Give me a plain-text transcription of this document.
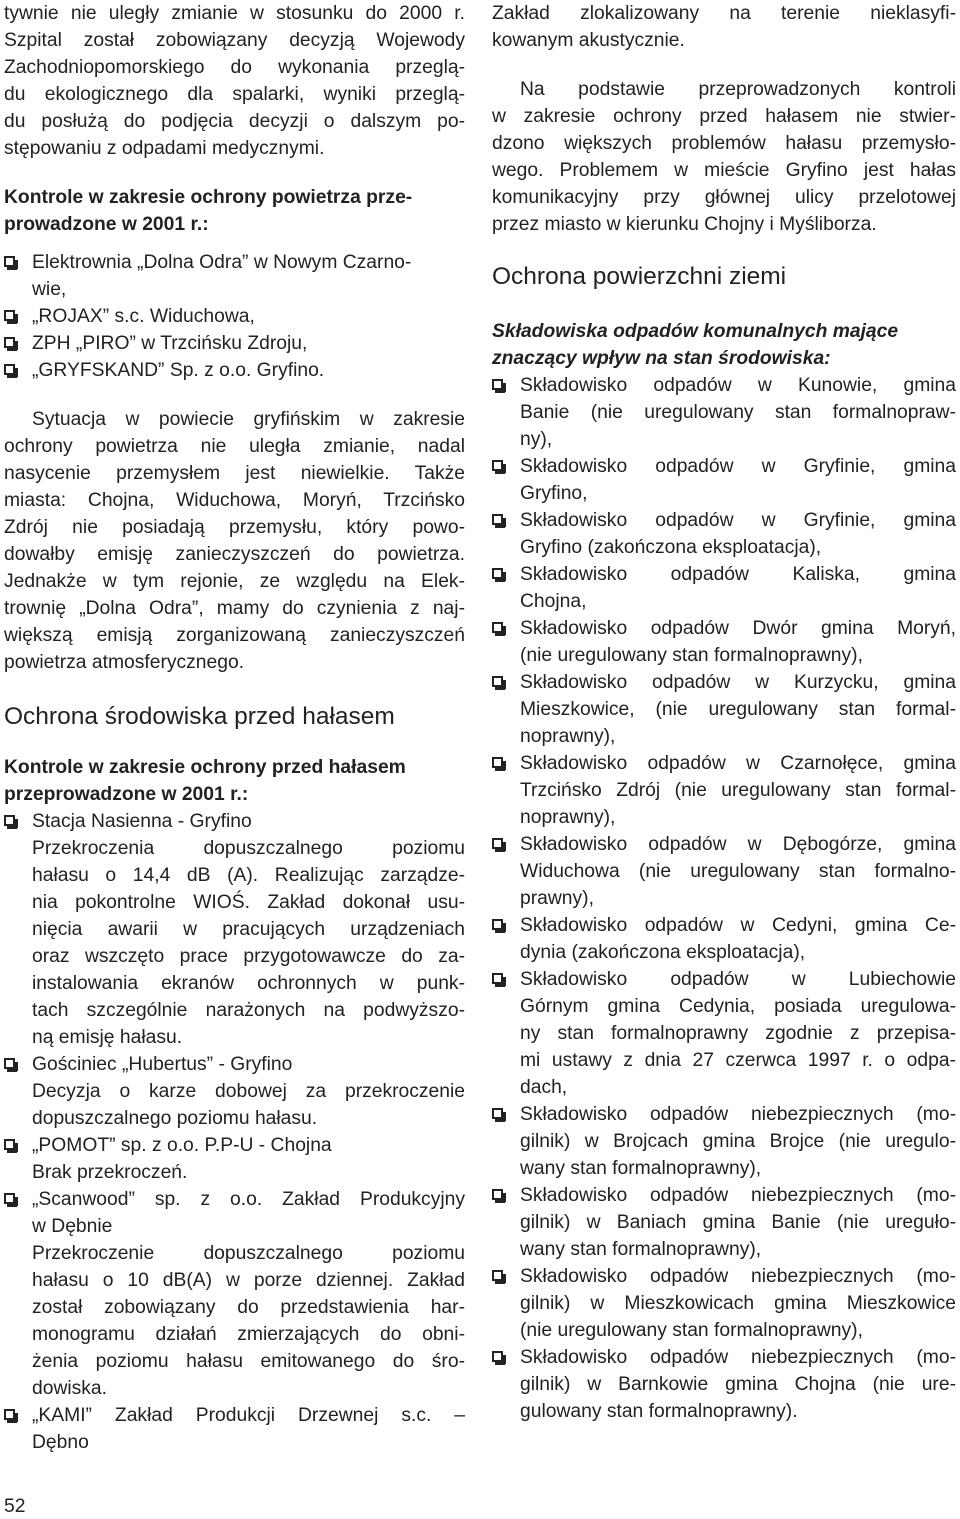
tywnie nie uległy zmianie w stosunku do 2000 r.
Szpital został zobowiązany decyzją Wojewody
Zachodniopomorskiego do wykonania przeglą-
du ekologicznego dla spalarki, wyniki przeglą-
du posłużą do podjęcia decyzji o dalszym po-
stępowaniu z odpadami medycznymi.
Kontrole w zakresie ochrony powietrza prze-
prowadzone w 2001 r.:
Elektrownia „Dolna Odra” w Nowym Czarno-
wie,
„ROJAX” s.c. Widuchowa,
ZPH „PIRO” w Trzcińsku Zdroju,
„GRYFSKAND” Sp. z o.o. Gryfino.
Sytuacja w powiecie gryfińskim w zakresie
ochrony powietrza nie uległa zmianie, nadal
nasycenie przemysłem jest niewielkie. Także
miasta: Chojna, Widuchowa, Moryń, Trzcińsko
Zdrój nie posiadają przemysłu, który powo-
dowałby emisję zanieczyszczeń do powietrza.
Jednakże w tym rejonie, ze względu na Elek-
trownię „Dolna Odra”, mamy do czynienia z naj-
większą emisją zorganizowaną zanieczyszczeń
powietrza atmosferycznego.
Ochrona środowiska przed hałasem
Kontrole w zakresie ochrony przed hałasem
przeprowadzone w 2001 r.:
Stacja Nasienna - Gryfino
Przekroczenia dopuszczalnego poziomu
hałasu o 14,4 dB (A). Realizując zarządze-
nia pokontrolne WIOŚ. Zakład dokonał usu-
nięcia awarii w pracujących urządzeniach
oraz wszczęto prace przygotowawcze do za-
instalowania ekranów ochronnych w punk-
tach szczególnie narażonych na podwyższo-
ną emisję hałasu.
Gościniec „Hubertus” - Gryfino
Decyzja o karze dobowej za przekroczenie
dopuszczalnego poziomu hałasu.
„POMOT” sp. z o.o. P.P-U - Chojna
Brak przekroczeń.
„Scanwood” sp. z o.o. Zakład Produkcyjny
w Dębnie
Przekroczenie dopuszczalnego poziomu
hałasu o 10 dB(A) w porze dziennej. Zakład
został zobowiązany do przedstawienia har-
monogramu działań zmierzających do obni-
żenia poziomu hałasu emitowanego do śro-
dowiska.
„KAMI” Zakład Produkcji Drzewnej s.c. –
Dębno
Zakład zlokalizowany na terenie nieklasyfi-
kowanym akustycznie.
Na podstawie przeprowadzonych kontroli
w zakresie ochrony przed hałasem nie stwier-
dzono większych problemów hałasu przemysło-
wego. Problemem w mieście Gryfino jest hałas
komunikacyjny przy głównej ulicy przelotowej
przez miasto w kierunku Chojny i Myśliborza.
Ochrona powierzchni ziemi
Składowiska odpadów komunalnych mające
znaczący wpływ na stan środowiska:
Składowisko odpadów w Kunowie, gmina
Banie (nie uregulowany stan formalnopraw-
ny),
Składowisko odpadów w Gryfinie, gmina
Gryfino,
Składowisko odpadów w Gryfinie, gmina
Gryfino (zakończona eksploatacja),
Składowisko odpadów Kaliska, gmina
Chojna,
Składowisko odpadów Dwór gmina Moryń,
(nie uregulowany stan formalnoprawny),
Składowisko odpadów w Kurzycku, gmina
Mieszkowice, (nie uregulowany stan formal-
noprawny),
Składowisko odpadów w Czarnołęce, gmina
Trzcińsko Zdrój (nie uregulowany stan formal-
noprawny),
Składowisko odpadów w Dębogórze, gmina
Widuchowa (nie uregulowany stan formalno-
prawny),
Składowisko odpadów w Cedyni, gmina Ce-
dynia (zakończona eksploatacja),
Składowisko odpadów w Lubiechowie
Górnym gmina Cedynia, posiada uregulowa-
ny stan formalnoprawny zgodnie z przepisa-
mi ustawy z dnia 27 czerwca 1997 r. o odpa-
dach,
Składowisko odpadów niebezpiecznych (mo-
gilnik) w Brojcach gmina Brojce (nie uregulo-
wany stan formalnoprawny),
Składowisko odpadów niebezpiecznych (mo-
gilnik) w Baniach gmina Banie (nie ureguło-
wany stan formalnoprawny),
Składowisko odpadów niebezpiecznych (mo-
gilnik) w Mieszkowicach gmina Mieszkowice
(nie uregulowany stan formalnoprawny),
Składowisko odpadów niebezpiecznych (mo-
gilnik) w Barnkowie gmina Chojna (nie ure-
gulowany stan formalnoprawny).
52
